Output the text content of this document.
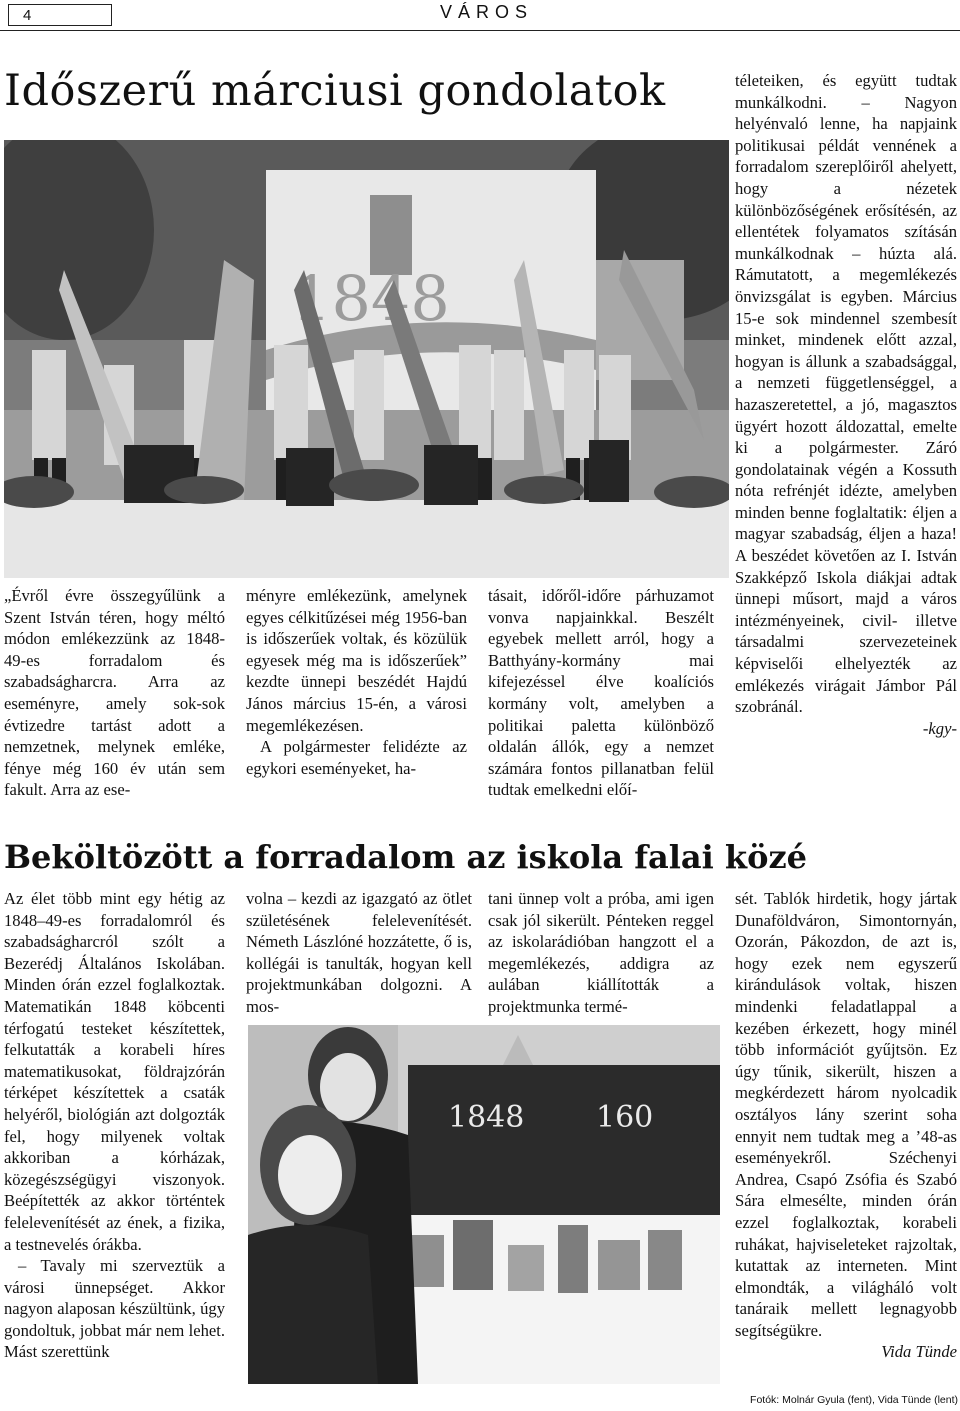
4	VÁROS
Időszerű márciusi gondolatok
1848

„Évről évre összegyűlünk a Szent István téren, hogy méltó módon emlékezzünk az 1848-49-es forradalom és szabadságharcra. Arra az eseményre, amely sok-sok évtizedre tartást adott a nemzetnek, melynek emléke, fénye még 160 év után sem fakult. Arra az ese-

ményre emlékezünk, amelynek egyes célkitűzései még 1956-ban is időszerűek voltak, és közülük egyesek még ma is időszerűek” kezdte ünnepi beszédét Hajdú János március 15-én, a városi megemlékezésen.

A polgármester felidézte az egykori eseményeket, ha-

tásait, időről-időre párhuzamot vonva napjainkkal. Beszélt egyebek mellett arról, hogy a Batthyány-kormány mai kifejezéssel élve koalíciós kormány volt, amelyben a politikai paletta különböző oldalán állók, egy a nemzet számára fontos pillanatban felül tudtak emelkedni előí-

téleteiken, és együtt tudtak munkálkodni. – Nagyon helyénvaló lenne, ha napjaink politikusai példát vennének a forradalom szereplőiről ahelyett, hogy a nézetek különbözőségének erősítésén, az ellentétek folyamatos szításán munkálkodnak – húzta alá. Rámutatott, a megemlékezés önvizsgálat is egyben. Március 15-e sok mindennel szembesít minket, mindenek előtt azzal, hogyan is állunk a szabadsággal, a nemzeti függetlenséggel, a hazaszeretettel, a jó, magasztos ügyért hozott áldozattal, emelte ki a polgármester. Záró gondolatainak végén a Kossuth nóta refrénjét idézte, amelyben minden benne foglaltatik: éljen a magyar szabadság, éljen a haza! A beszédet követően az I. István Szakképző Iskola diákjai adtak ünnepi műsort, majd a város intézményeinek, civil- illetve társadalmi szervezeteinek képviselői elhelyezték az emlékezés virágait Jámbor Pál szobránál.

-kgy-
Beköltözött a forradalom az iskola falai közé

Az élet több mint egy hétig az 1848–49-es forradalomról és szabadságharcról szólt a Bezerédj Általános Iskolában. Minden órán ezzel foglalkoztak. Matematikán 1848 köbcenti térfogatú testeket készítettek, felkutatták a korabeli híres matematikusokat, földrajzórán térképet készítettek a csaták helyéről, biológián azt dolgozták fel, hogy milyenek voltak akkoriban a kórházak, közegészségügyi viszonyok. Beépítették az akkor történtek felelevenítését az ének, a fizika, a testnevelés órákba.

– Tavaly mi szerveztük a városi ünnepséget. Akkor nagyon alaposan készültünk, úgy gondoltuk, jobbat már nem lehet. Mást szerettünk

volna – kezdi az igazgató az ötlet születésének felelevenítését. Németh Lászlóné hozzátette, ő is, kollégái is tanulták, hogyan kell projektmunkában dolgozni. A mos-

tani ünnep volt a próba, ami igen csak jól sikerült. Pénteken reggel az iskolarádióban hangzott el a megemlékezés, addigra az aulában kiállították a projektmunka termé-

1848 160

sét. Tablók hirdetik, hogy jártak Dunaföldváron, Simontornyán, Ozorán, Pákozdon, de azt is, hogy ezek nem egyszerű kirándulások voltak, hiszen mindenki feladatlappal a kezében érkezett, hogy minél több információt gyűjtsön. Ez úgy tűnik, sikerült, hiszen a megkérdezett három nyolcadik osztályos lány szerint soha ennyit nem tudtak meg a ’48-as eseményekről. Széchenyi Andrea, Csapó Zsófia és Szabó Sára elmesélte, minden órán ezzel foglalkoztak, korabeli ruhákat, hajviseleteket rajzoltak, kutattak az interneten. Mint elmondták, a világháló volt tanáraik mellett legnagyobb segítségükre.

Vida Tünde
Fotók: Molnár Gyula (fent), Vida Tünde (lent)
